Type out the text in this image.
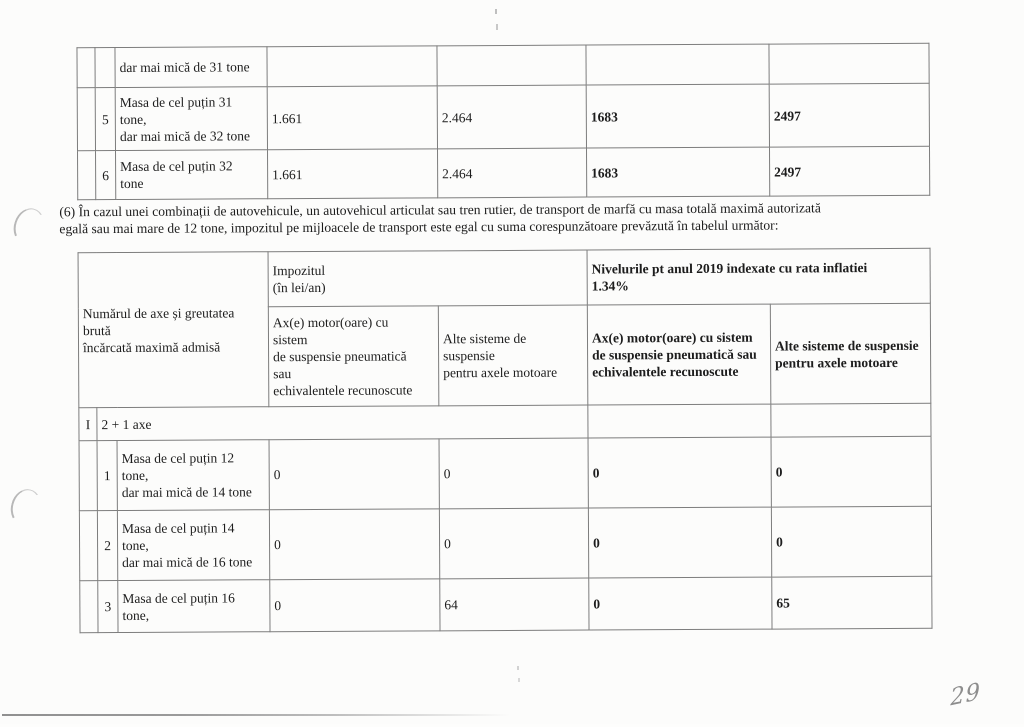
		dar mai mică de 31 tone				
	5	Masa de cel puțin 31
tone,
dar mai mică de 32 tone	1.661	2.464	1683	2497
	6	Masa de cel puțin 32
tone	1.661	2.464	1683	2497
(6) În cazul unei combinații de autovehicule, un autovehicul articulat sau tren rutier, de transport de marfă cu masa totală maximă autorizată
egală sau mai mare de 12 tone, impozitul pe mijloacele de transport este egal cu suma corespunzătoare prevăzută în tabelul următor:
Numărul de axe și greutatea
brută
încărcată maximă admisă			Impozitul
(în lei/an)		Nivelurile pt anul 2019 indexate cu rata inflatiei
1.34%	
			Ax(e) motor(oare) cu
sistem
de suspensie pneumatică
sau
echivalentele recunoscute	Alte sisteme de
suspensie
pentru axele motoare	Ax(e) motor(oare) cu sistem
de suspensie pneumatică sau
echivalentele recunoscute	Alte sisteme de suspensie
pentru axele motoare
I	2 + 1 axe					
	1	Masa de cel puțin 12
tone,
dar mai mică de 14 tone	0	0	0	0
	2	Masa de cel puțin 14
tone,
dar mai mică de 16 tone	0	0	0	0
	3	Masa de cel puțin 16
tone,	0	64	0	65
29
